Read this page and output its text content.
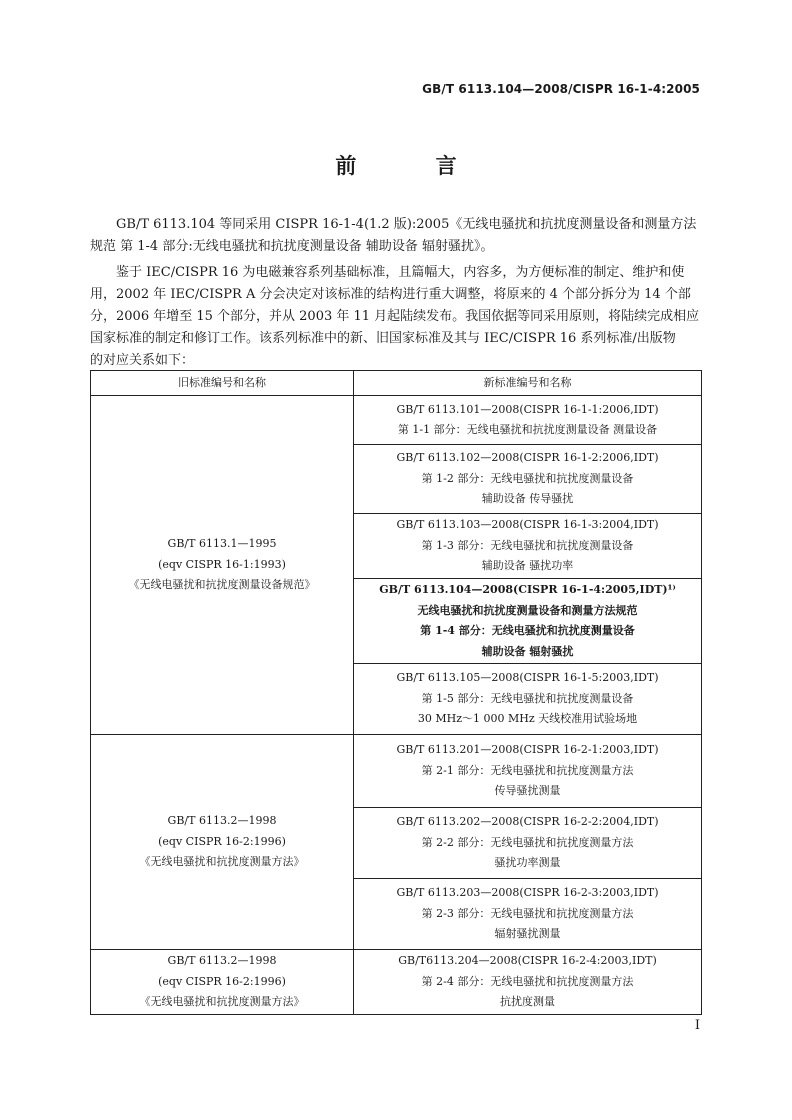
GB/T 6113.104—2008/CISPR 16-1-4:2005
前 言
GB/T 6113.104 等同采用 CISPR 16-1-4(1.2 版):2005《无线电骚扰和抗扰度测量设备和测量方法
规范 第 1-4 部分:无线电骚扰和抗扰度测量设备 辅助设备 辐射骚扰》。
鉴于 IEC/CISPR 16 为电磁兼容系列基础标准，且篇幅大，内容多，为方便标准的制定、维护和使
用，2002 年 IEC/CISPR A 分会决定对该标准的结构进行重大调整，将原来的 4 个部分拆分为 14 个部
分，2006 年增至 15 个部分，并从 2003 年 11 月起陆续发布。我国依据等同采用原则，将陆续完成相应
国家标准的制定和修订工作。该系列标准中的新、旧国家标准及其与 IEC/CISPR 16 系列标准/出版物
的对应关系如下：
旧标准编号和名称	新标准编号和名称

GB/T 6113.1—1995
(eqv CISPR 16-1:1993)
《无线电骚扰和抗扰度测量设备规范》	GB/T 6113.101—2008(CISPR 16-1-1:2006,IDT)
第 1-1 部分：无线电骚扰和抗扰度测量设备 测量设备

	GB/T 6113.102—2008(CISPR 16-1-2:2006,IDT)
第 1-2 部分：无线电骚扰和抗扰度测量设备
辅助设备 传导骚扰

	GB/T 6113.103—2008(CISPR 16-1-3:2004,IDT)
第 1-3 部分：无线电骚扰和抗扰度测量设备
辅助设备 骚扰功率

	GB/T 6113.104—2008(CISPR 16-1-4:2005,IDT)¹⁾
无线电骚扰和抗扰度测量设备和测量方法规范
第 1-4 部分：无线电骚扰和抗扰度测量设备
辅助设备 辐射骚扰

	GB/T 6113.105—2008(CISPR 16-1-5:2003,IDT)
第 1-5 部分：无线电骚扰和抗扰度测量设备
30 MHz～1 000 MHz 天线校准用试验场地

GB/T 6113.2—1998
(eqv CISPR 16-2:1996)
《无线电骚扰和抗扰度测量方法》	GB/T 6113.201—2008(CISPR 16-2-1:2003,IDT)
第 2-1 部分：无线电骚扰和抗扰度测量方法
传导骚扰测量

	GB/T 6113.202—2008(CISPR 16-2-2:2004,IDT)
第 2-2 部分：无线电骚扰和抗扰度测量方法
骚扰功率测量

	GB/T 6113.203—2008(CISPR 16-2-3:2003,IDT)
第 2-3 部分：无线电骚扰和抗扰度测量方法
辐射骚扰测量

GB/T 6113.2—1998
(eqv CISPR 16-2:1996)
《无线电骚扰和抗扰度测量方法》	GB/T6113.204—2008(CISPR 16-2-4:2003,IDT)
第 2-4 部分：无线电骚扰和抗扰度测量方法
抗扰度测量
I
